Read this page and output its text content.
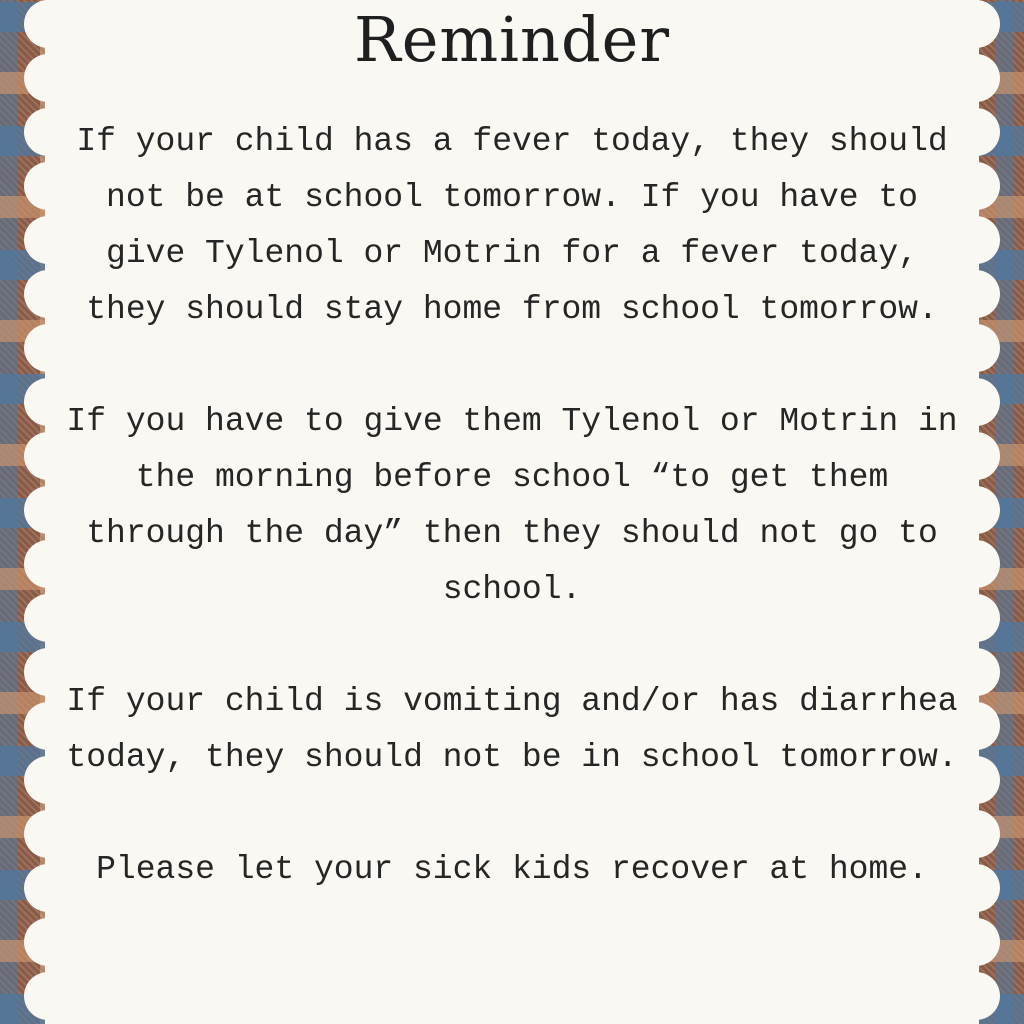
Reminder

If your child has a fever today, they should not be at school tomorrow. If you have to give Tylenol or Motrin for a fever today, they should stay home from school tomorrow.

If you have to give them Tylenol or Motrin in the morning before school “to get them through the day” then they should not go to school.

If your child is vomiting and/or has diarrhea today, they should not be in school tomorrow.

Please let your sick kids recover at home.
